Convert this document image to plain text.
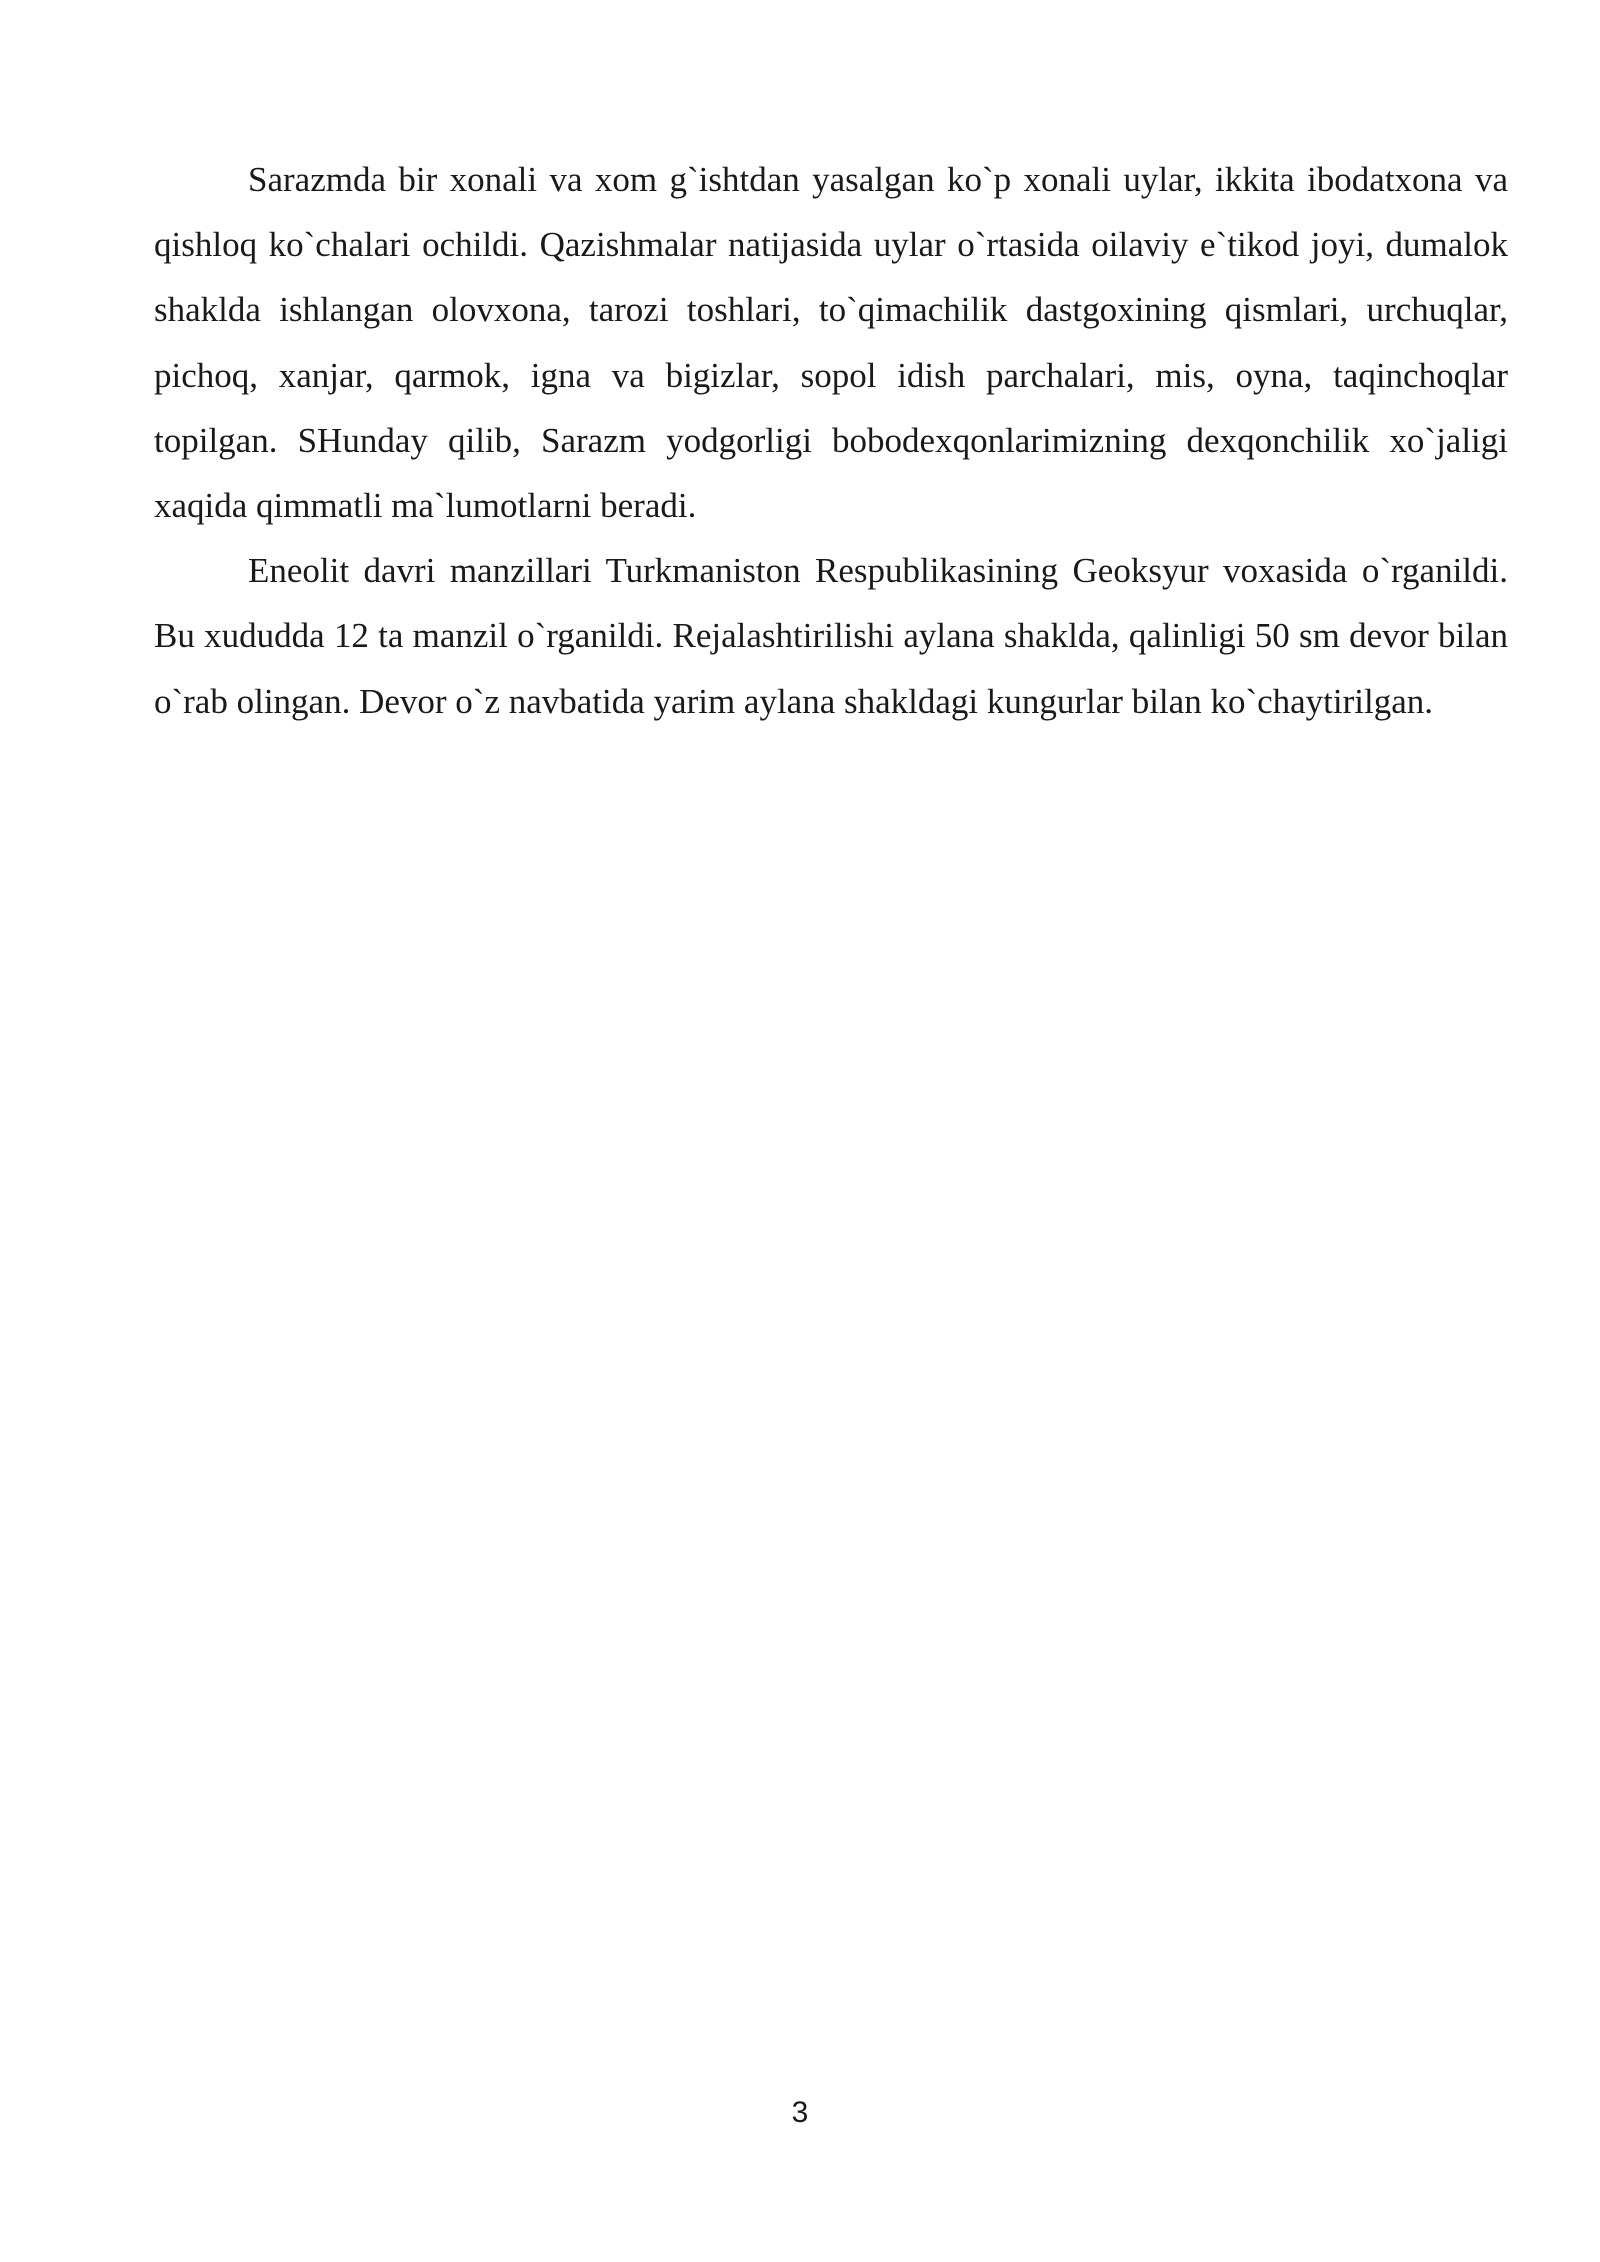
Sarazmda bir xonali va xom g`ishtdan yasalgan ko`p xonali uylar, ikkita ibodatxona va qishloq ko`chalari ochildi. Qazishmalar natijasida uylar o`rtasida oilaviy e`tikod joyi, dumalok shaklda ishlangan olovxona, tarozi toshlari, to`qimachilik dastgoxining qismlari, urchuqlar, pichoq, xanjar, qarmok, igna va bigizlar, sopol idish parchalari, mis, oyna, taqinchoqlar topilgan. SHunday qilib, Sarazm yodgorligi bobodexqonlarimizning dexqonchilik xo`jaligi xaqida qimmatli ma`lumotlarni beradi.

Eneolit davri manzillari Turkmaniston Respublikasining Geoksyur voxasida o`rganildi. Bu xududda 12 ta manzil o`rganildi. Rejalashtirilishi aylana shaklda, qalinligi 50 sm devor bilan o`rab olingan. Devor o`z navbatida yarim aylana shakldagi kungurlar bilan ko`chaytirilgan.

3
